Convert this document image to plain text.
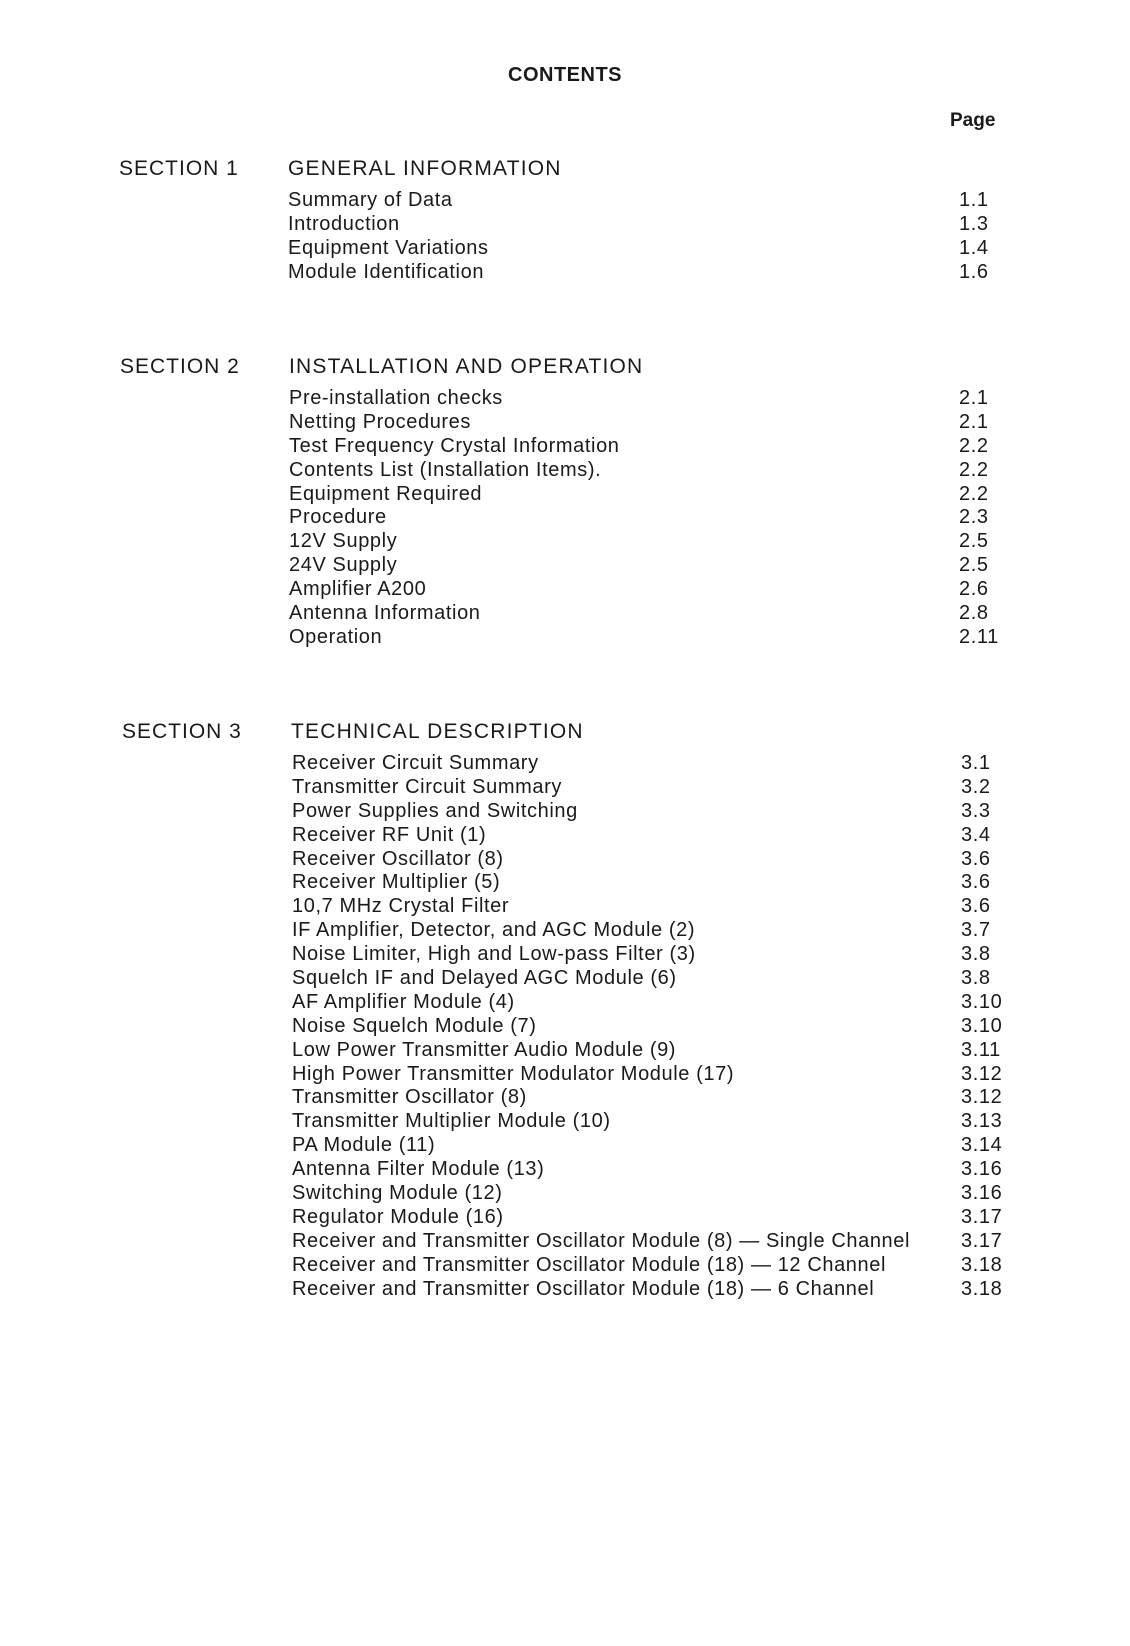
CONTENTS
Page
SECTION 1 GENERAL INFORMATION
Summary of Data	1.1
Introduction	1.3
Equipment Variations	1.4
Module Identification	1.6
SECTION 2 INSTALLATION AND OPERATION
Pre-installation checks	2.1
Netting Procedures	2.1
Test Frequency Crystal Information	2.2
Contents List (Installation Items).	2.2
Equipment Required	2.2
Procedure	2.3
12V Supply	2.5
24V Supply	2.5
Amplifier A200	2.6
Antenna Information	2.8
Operation	2.11
SECTION 3 TECHNICAL DESCRIPTION
Receiver Circuit Summary	3.1
Transmitter Circuit Summary	3.2
Power Supplies and Switching	3.3
Receiver RF Unit (1)	3.4
Receiver Oscillator (8)	3.6
Receiver Multiplier (5)	3.6
10,7 MHz Crystal Filter	3.6
IF Amplifier, Detector, and AGC Module (2)	3.7
Noise Limiter, High and Low-pass Filter (3)	3.8
Squelch IF and Delayed AGC Module (6)	3.8
AF Amplifier Module (4)	3.10
Noise Squelch Module (7)	3.10
Low Power Transmitter Audio Module (9)	3.11
High Power Transmitter Modulator Module (17)	3.12
Transmitter Oscillator (8)	3.12
Transmitter Multiplier Module (10)	3.13
PA Module (11)	3.14
Antenna Filter Module (13)	3.16
Switching Module (12)	3.16
Regulator Module (16)	3.17
Receiver and Transmitter Oscillator Module (8) — Single Channel	3.17
Receiver and Transmitter Oscillator Module (18) — 12 Channel	3.18
Receiver and Transmitter Oscillator Module (18) — 6 Channel	3.18
